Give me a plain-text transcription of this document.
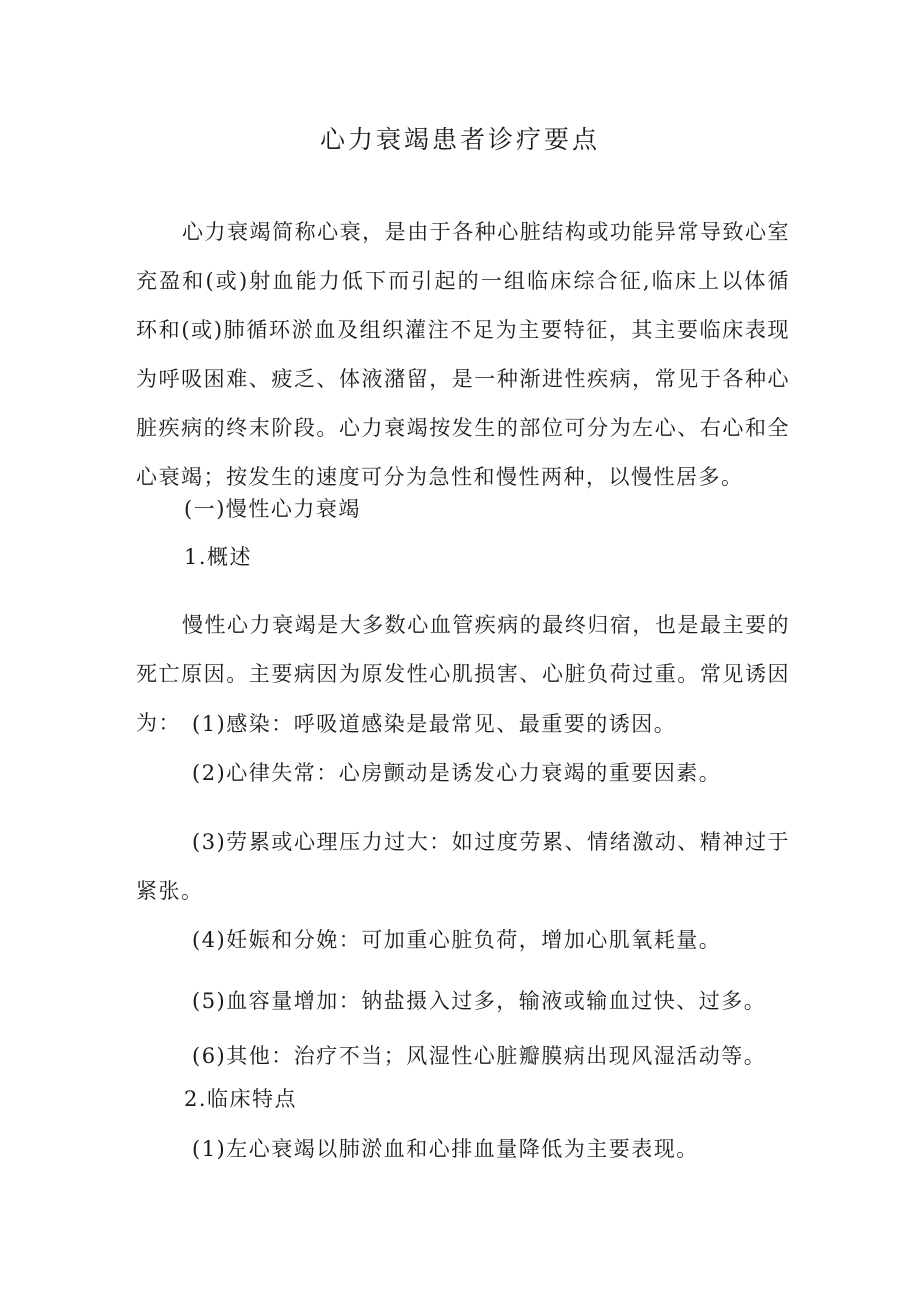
心力衰竭患者诊疗要点

心力衰竭简称心衰，是由于各种心脏结构或功能异常导致心室充盈和(或)射血能力低下而引起的一组临床综合征,临床上以体循环和(或)肺循环淤血及组织灌注不足为主要特征，其主要临床表现为呼吸困难、疲乏、体液潴留，是一种渐进性疾病，常见于各种心脏疾病的终末阶段。心力衰竭按发生的部位可分为左心、右心和全心衰竭；按发生的速度可分为急性和慢性两种，以慢性居多。

(一)慢性心力衰竭

1.概述

慢性心力衰竭是大多数心血管疾病的最终归宿，也是最主要的死亡原因。主要病因为原发性心肌损害、心脏负荷过重。常见诱因为： (1)感染：呼吸道感染是最常见、最重要的诱因。

(2)心律失常：心房颤动是诱发心力衰竭的重要因素。

(3)劳累或心理压力过大：如过度劳累、情绪激动、精神过于紧张。

(4)妊娠和分娩：可加重心脏负荷，增加心肌氧耗量。

(5)血容量增加：钠盐摄入过多，输液或输血过快、过多。

(6)其他：治疗不当；风湿性心脏瓣膜病出现风湿活动等。

2.临床特点

(1)左心衰竭以肺淤血和心排血量降低为主要表现。
